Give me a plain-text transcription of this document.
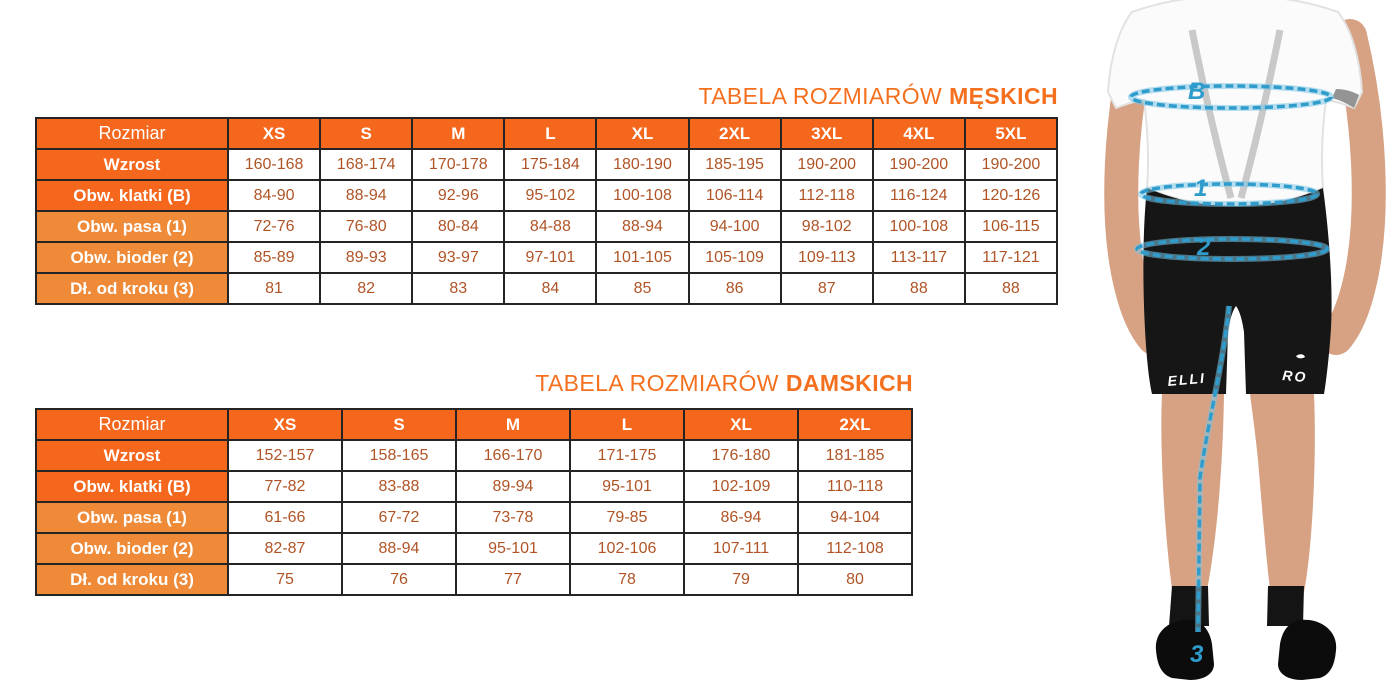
TABELA ROZMIARÓW MĘSKICH
Rozmiar	XS	S	M	L	XL	2XL	3XL	4XL	5XL
Wzrost	160-168	168-174	170-178	175-184	180-190	185-195	190-200	190-200	190-200
Obw. klatki (B)	84-90	88-94	92-96	95-102	100-108	106-114	112-118	116-124	120-126
Obw. pasa (1)	72-76	76-80	80-84	84-88	88-94	94-100	98-102	100-108	106-115
Obw. bioder (2)	85-89	89-93	93-97	97-101	101-105	105-109	109-113	113-117	117-121
Dł. od kroku (3)	81	82	83	84	85	86	87	88	88
TABELA ROZMIARÓW DAMSKICH
Rozmiar	XS	S	M	L	XL	2XL
Wzrost	152-157	158-165	166-170	171-175	176-180	181-185
Obw. klatki (B)	77-82	83-88	89-94	95-101	102-109	110-118
Obw. pasa (1)	61-66	67-72	73-78	79-85	86-94	94-104
Obw. bioder (2)	82-87	88-94	95-101	102-106	107-111	112-108
Dł. od kroku (3)	75	76	77	78	79	80
ELLI	RO
B
1
2
3
